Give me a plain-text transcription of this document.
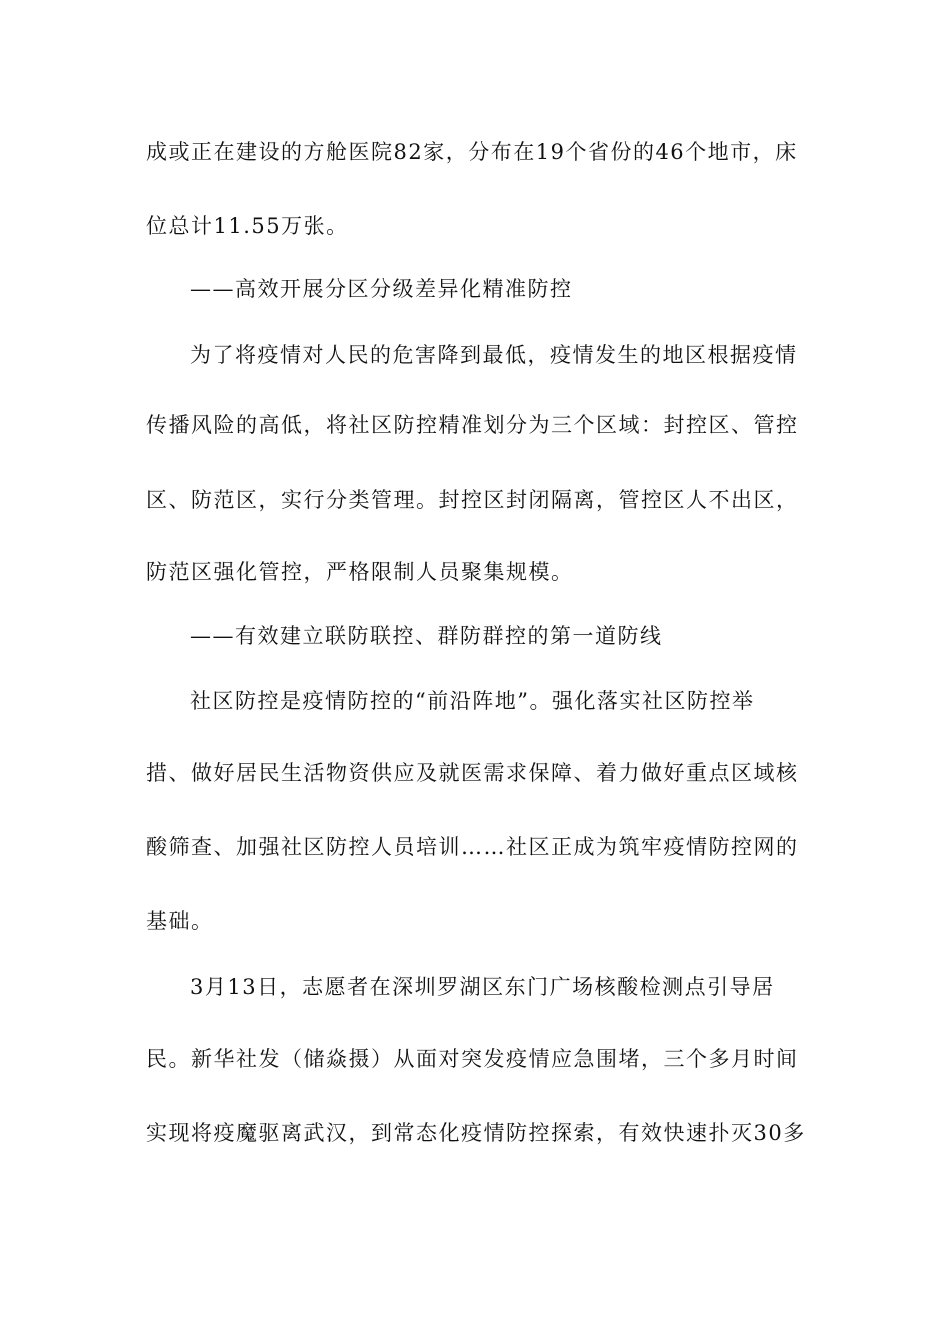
成或正在建设的方舱医院82家，分布在19个省份的46个地市，床
位总计11.55万张。
——高效开展分区分级差异化精准防控
为了将疫情对人民的危害降到最低，疫情发生的地区根据疫情
传播风险的高低，将社区防控精准划分为三个区域：封控区、管控
区、防范区，实行分类管理。封控区封闭隔离，管控区人不出区，
防范区强化管控，严格限制人员聚集规模。
——有效建立联防联控、群防群控的第一道防线
社区防控是疫情防控的“前沿阵地”。强化落实社区防控举
措、做好居民生活物资供应及就医需求保障、着力做好重点区域核
酸筛查、加强社区防控人员培训……社区正成为筑牢疫情防控网的
基础。
3月13日，志愿者在深圳罗湖区东门广场核酸检测点引导居
民。新华社发（储焱摄）从面对突发疫情应急围堵，三个多月时间
实现将疫魔驱离武汉，到常态化疫情防控探索，有效快速扑灭30多
